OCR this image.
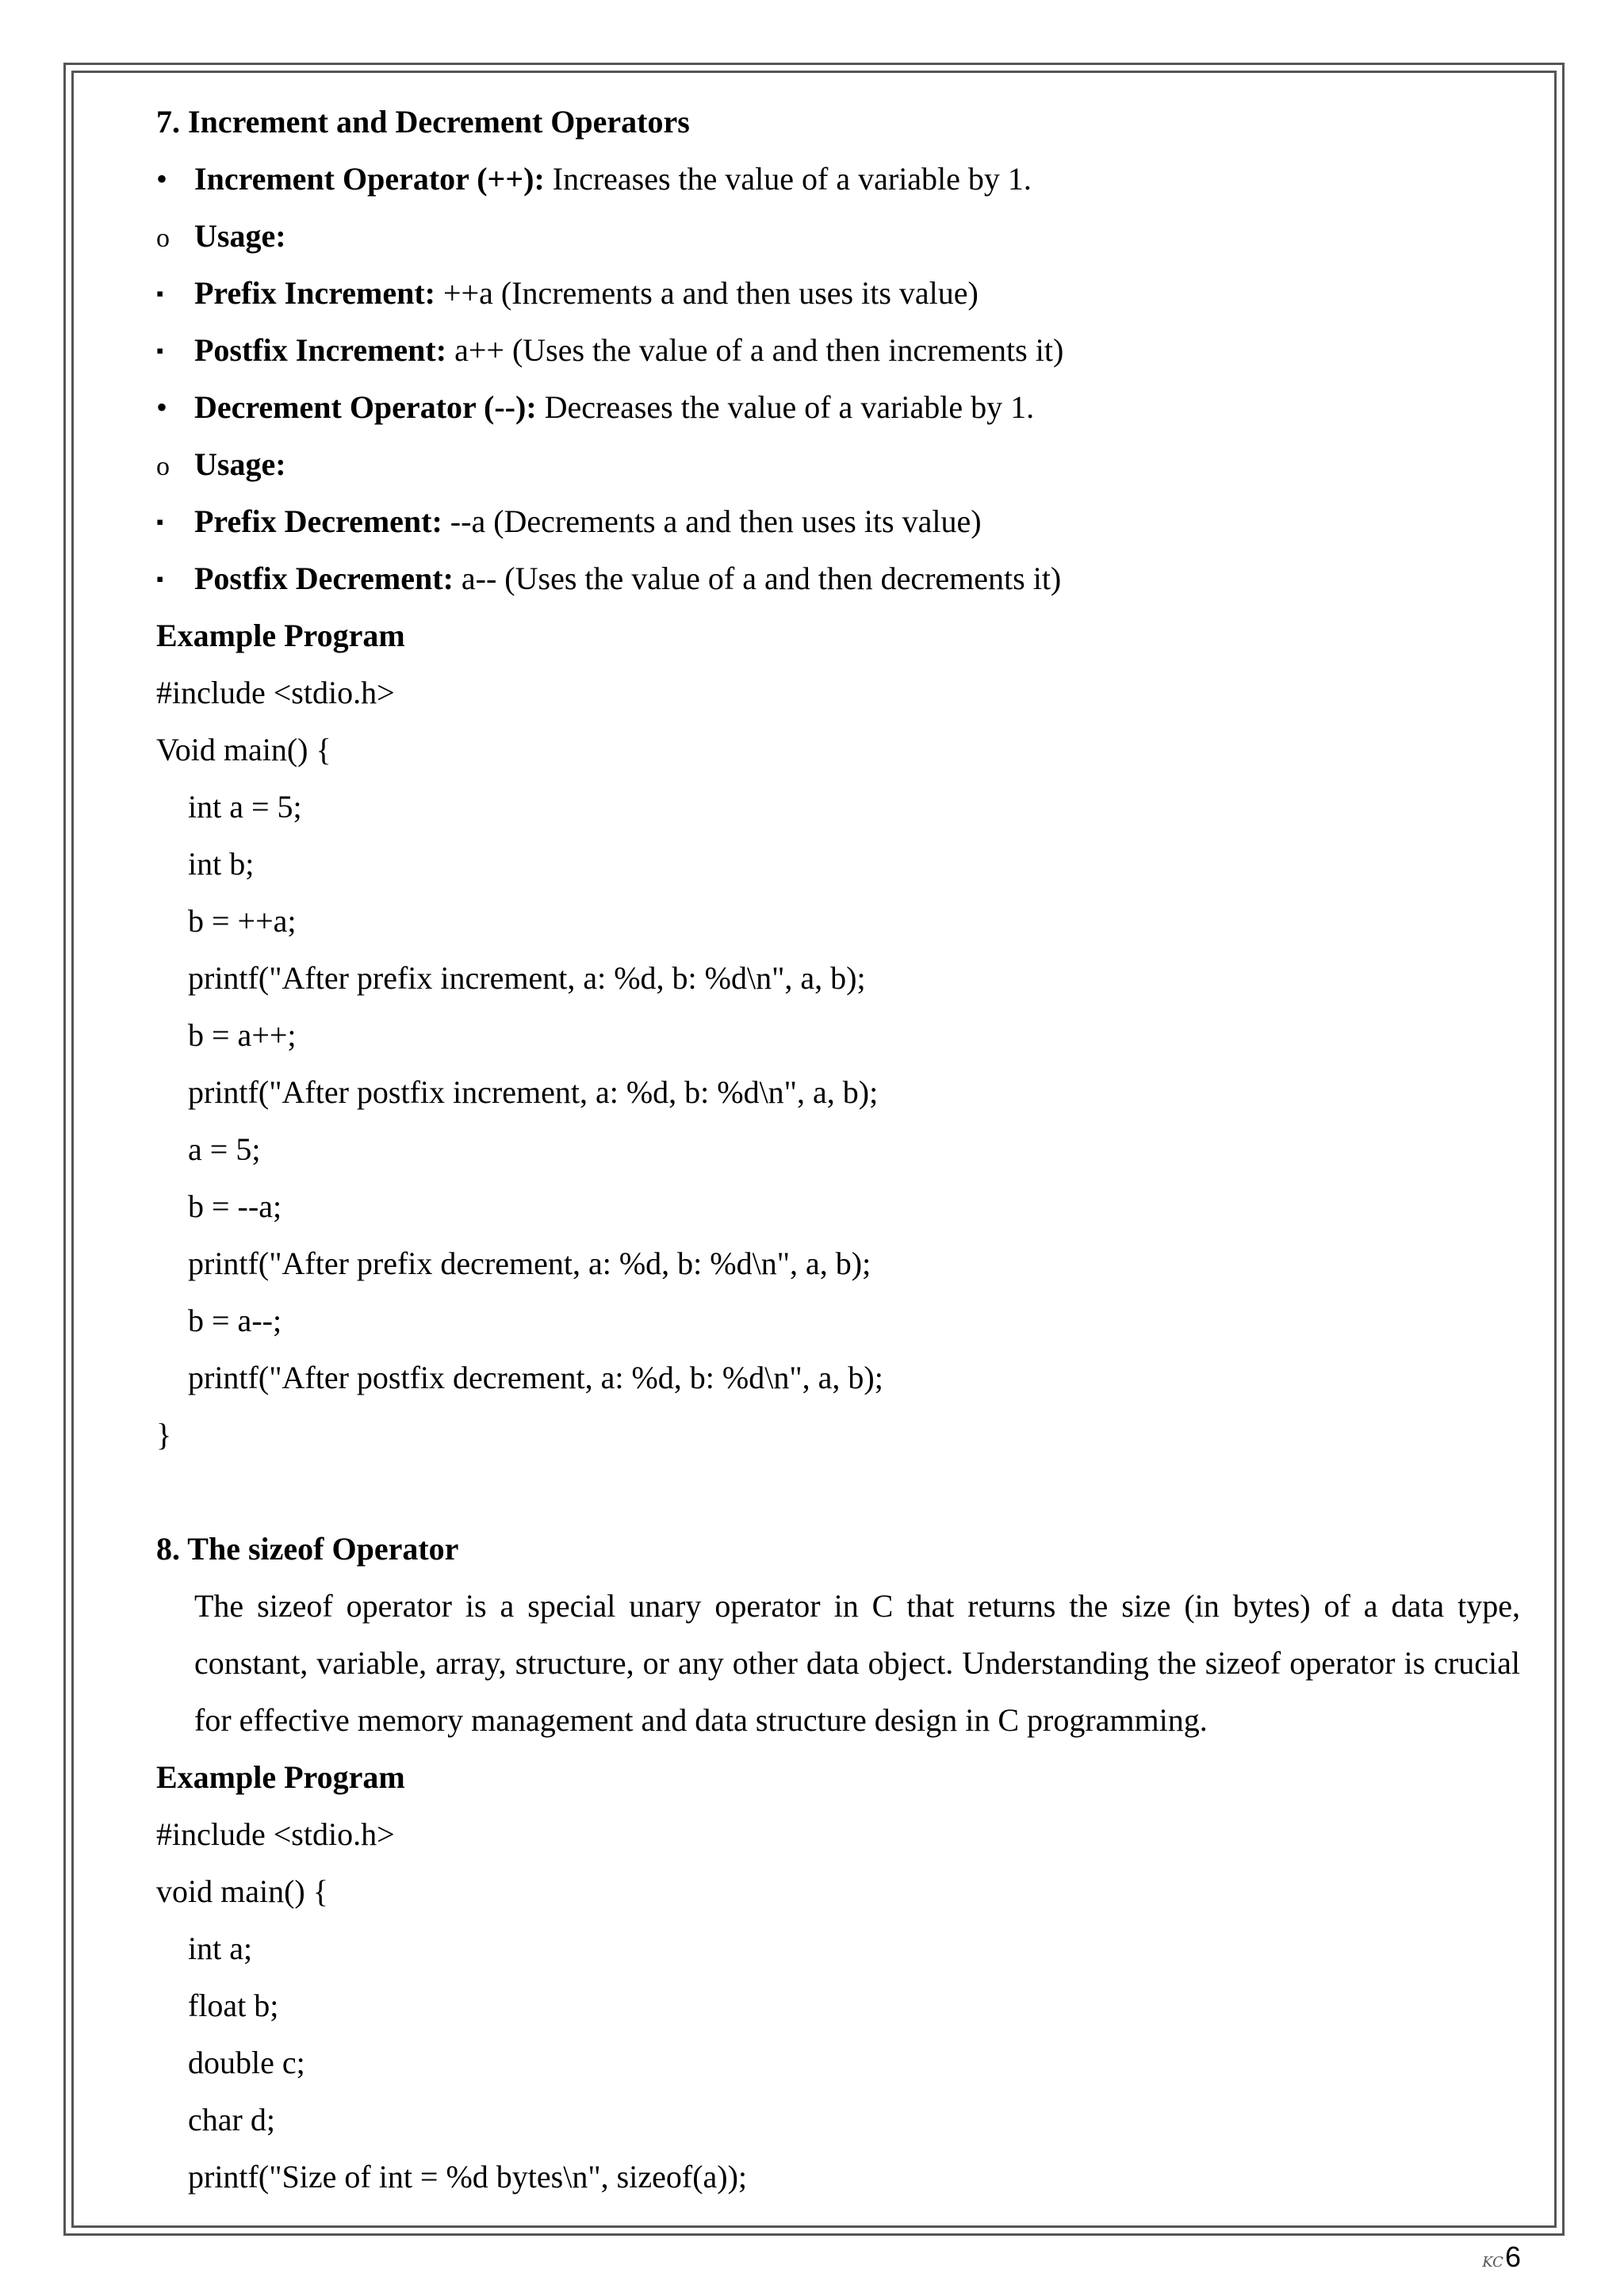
7. Increment and Decrement Operators
• Increment Operator (++): Increases the value of a variable by 1.
o Usage:
▪ Prefix Increment: ++a (Increments a and then uses its value)
▪ Postfix Increment: a++ (Uses the value of a and then increments it)
• Decrement Operator (--): Decreases the value of a variable by 1.
o Usage:
▪ Prefix Decrement: --a (Decrements a and then uses its value)
▪ Postfix Decrement: a-- (Uses the value of a and then decrements it)
Example Program
#include <stdio.h>
Void main() {
int a = 5;
int b;
b = ++a;
printf("After prefix increment, a: %d, b: %d\n", a, b);
b = a++;
printf("After postfix increment, a: %d, b: %d\n", a, b);
a = 5;
b = --a;
printf("After prefix decrement, a: %d, b: %d\n", a, b);
b = a--;
printf("After postfix decrement, a: %d, b: %d\n", a, b);
}
8. The sizeof Operator
The sizeof operator is a special unary operator in C that returns the size (in bytes) of a data type, constant, variable, array, structure, or any other data object. Understanding the sizeof operator is crucial for effective memory management and data structure design in C programming.
Example Program
#include <stdio.h>
void main() {
int a;
float b;
double c;
char d;
printf("Size of int = %d bytes\n", sizeof(a));
KC6
